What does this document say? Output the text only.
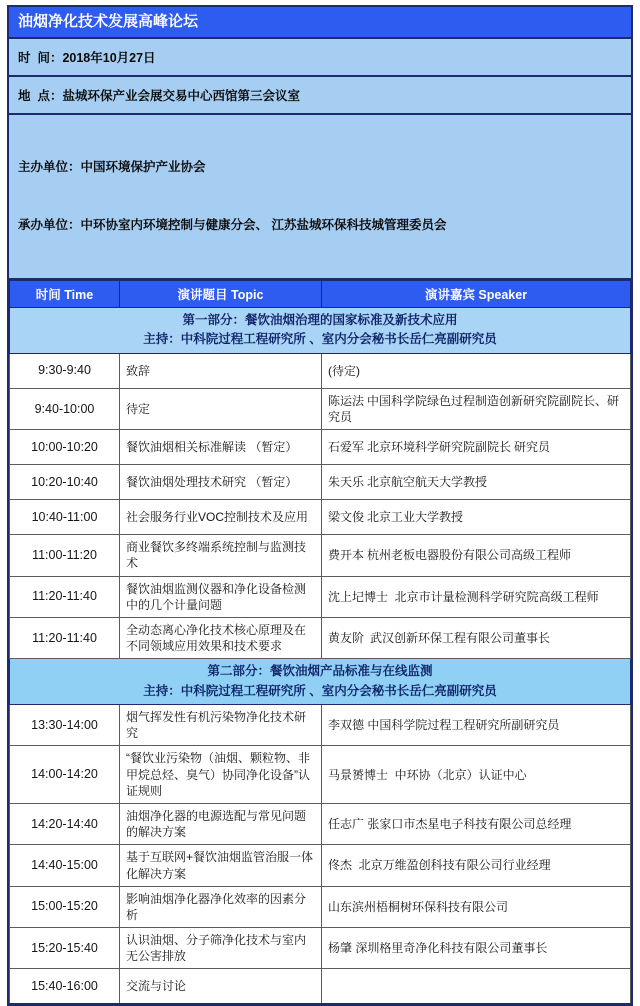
油烟净化技术发展高峰论坛
时  间：2018年10月27日
地  点：盐城环保产业会展交易中心西馆第三会议室

主办单位：中国环境保护产业协会

承办单位：中环协室内环境控制与健康分会、 江苏盐城环保科技城管理委员会

时间 Time	演讲题目 Topic	演讲嘉宾 Speaker

第一部分：餐饮油烟治理的国家标准及新技术应用
主持：中科院过程工程研究所 、室内分会秘书长岳仁亮副研究员		

9:30-9:40	致辞	(待定)
9:40-10:00	待定	陈运法 中国科学院绿色过程制造创新研究院副院长、研究员
10:00-10:20	餐饮油烟相关标准解读 （暂定）	石爱军 北京环境科学研究院副院长 研究员
10:20-10:40	餐饮油烟处理技术研究 （暂定）	朱天乐 北京航空航天大学教授
10:40-11:00	社会服务行业VOC控制技术及应用	梁文俊 北京工业大学教授
11:00-11:20	商业餐饮多终端系统控制与监测技术	费开本 杭州老板电器股份有限公司高级工程师
11:20-11:40	餐饮油烟监测仪器和净化设备检测中的几个计量问题	沈上圮博士  北京市计量检测科学研究院高级工程师
11:20-11:40	全动态离心净化技术核心原理及在不同领域应用效果和技术要求	黄友阶  武汉创新环保工程有限公司董事长

第二部分：餐饮油烟产品标准与在线监测
主持：中科院过程工程研究所 、室内分会秘书长岳仁亮副研究员		

13:30-14:00	烟气挥发性有机污染物净化技术研究	李双德 中国科学院过程工程研究所副研究员
14:00-14:20	“餐饮业污染物（油烟、颗粒物、非甲烷总烃、臭气）协同净化设备”认证规则	马景赟博士  中环协（北京）认证中心
14:20-14:40	油烟净化器的电源选配与常见问题的解决方案	任志广 张家口市杰星电子科技有限公司总经理
14:40-15:00	基于互联网+餐饮油烟监管治服一体化解决方案	佟杰  北京万维盈创科技有限公司行业经理
15:00-15:20	影响油烟净化器净化效率的因素分析	山东滨州梧桐树环保科技有限公司
15:20-15:40	认识油烟、分子筛净化技术与室内无公害排放	杨肇 深圳格里奇净化科技有限公司董事长
15:40-16:00	交流与讨论	
